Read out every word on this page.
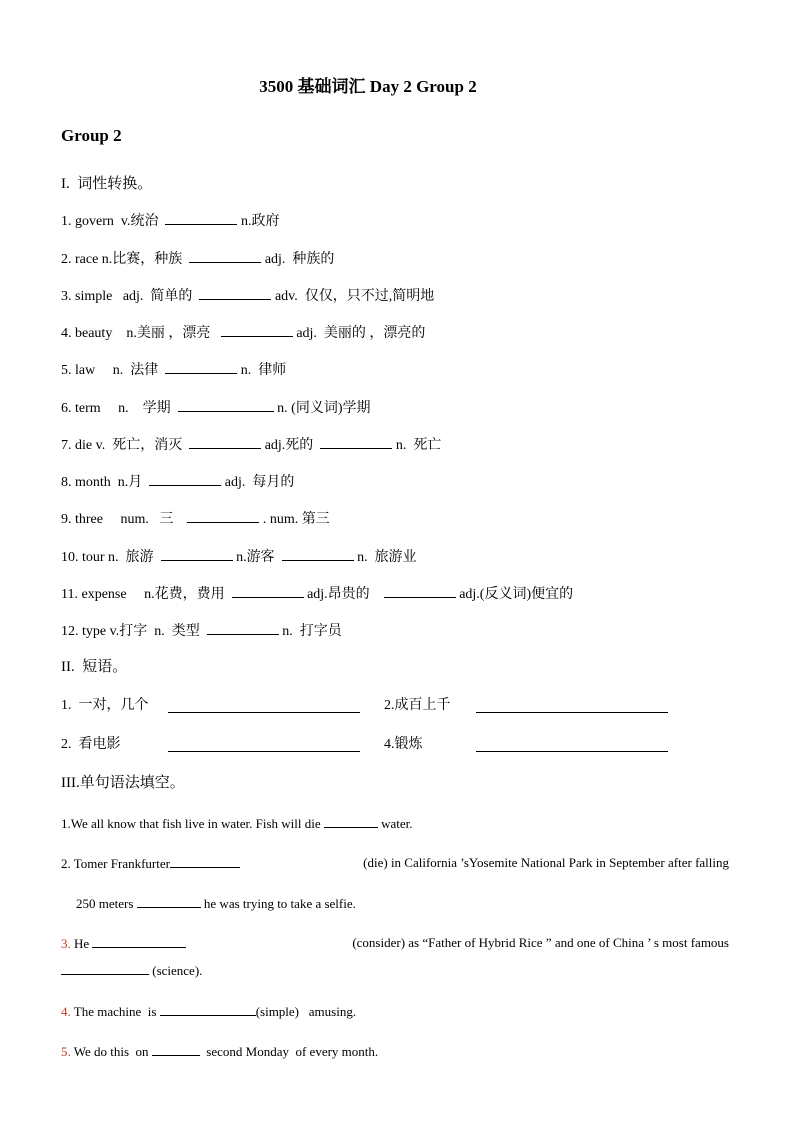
3500 基础词汇 Day 2 Group 2
Group 2
I.  词性转换。
1. govern  v.统治	n.政府
2. race n.比赛，种族	adj.  种族的
3. simple   adj.  简单的	adv.  仅仅，只不过,简明地
4. beauty    n.美丽 ，漂亮	adj.  美丽的 ，漂亮的
5. law     n.  法律	n.  律师
6. term     n.    学期	n. (同义词)学期
7. die v.  死亡，消灭	adj.死的	n.  死亡
8. month  n.月	adj.  每月的
9. three     num.   三	. num. 第三
10. tour n.  旅游	n.游客	n.  旅游业
11. expense     n.花费，费用	adj.昂贵的	adj.(反义词)便宜的
12. type v.打字  n.  类型	n.  打字员
II.  短语。
1.  一对，几个	2.成百上千
2.  看电影	4.锻炼
III.单句语法填空。
1.We all know that fish live in water. Fish will die	water.
2. Tomer Frankfurter	(die) in California ’sYosemite National Park in September after falling
250 meters	he was trying to take a selfie.
3. He	(consider) as “Father of Hybrid Rice ” and one of China ’ s most famous
(science).
4. The machine  is	(simple)   amusing.
5. We do this  on	second Monday  of every month.
